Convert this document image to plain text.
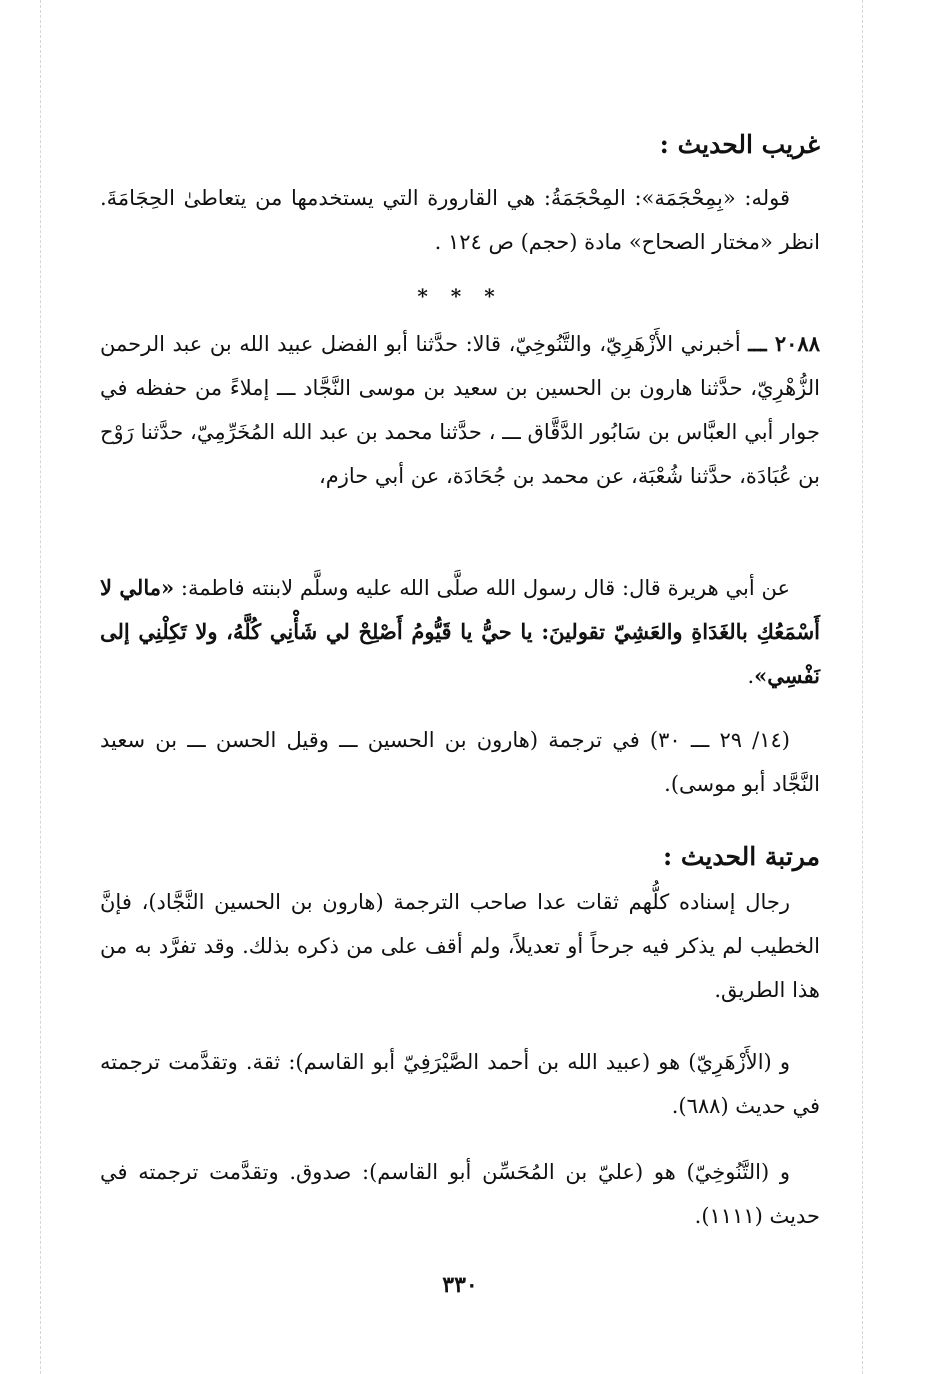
غريب الحديث :
قوله: «بِمِحْجَمَة»: المِحْجَمَةُ: هي القارورة التي يستخدمها من يتعاطىٰ الحِجَامَةَ. انظر «مختار الصحاح» مادة (حجم) ص ١٢٤ .
* * *
٢٠٨٨ ـــ أخبرني الأَزْهَرِيّ، والتَّنُوخِيّ، قالا: حدَّثنا أبو الفضل عبيد الله بن عبد الرحمن الزُّهْرِيّ، حدَّثنا هارون بن الحسين بن سعيد بن موسى النَّجَّاد ـــ إملاءً من حفظه في جوار أبي العبَّاس بن سَابُور الدَّقَّاق ـــ ، حدَّثنا محمد بن عبد الله المُخَرِّمِيّ، حدَّثنا رَوْح بن عُبَادَة، حدَّثنا شُعْبَة، عن محمد بن جُحَادَة، عن أبي حازم،
عن أبي هريرة قال: قال رسول الله صلَّى الله عليه وسلَّم لابنته فاطمة: «مالي لا أَسْمَعُكِ بالغَدَاةِ والعَشِيّ تقولينَ: يا حيُّ يا قَيُّومُ أَصْلِحْ لي شَأْنِي كُلَّهُ، ولا تَكِلْنِي إلى نَفْسِي».
(١٤/ ٢٩ ـــ ٣٠) في ترجمة (هارون بن الحسين ـــ وقيل الحسن ـــ بن سعيد النَّجَّاد أبو موسى).
مرتبة الحديث :
رجال إسناده كلُّهم ثقات عدا صاحب الترجمة (هارون بن الحسين النَّجَّاد)، فإنَّ الخطيب لم يذكر فيه جرحاً أو تعديلاً، ولم أقف على من ذكره بذلك. وقد تفرَّد به من هذا الطريق.
و (الأَزْهَرِيّ) هو (عبيد الله بن أحمد الصَّيْرَفِيّ أبو القاسم): ثقة. وتقدَّمت ترجمته في حديث (٦٨٨).
و (التَّنُوخِيّ) هو (عليّ بن المُحَسِّن أبو القاسم): صدوق. وتقدَّمت ترجمته في حديث (١١١١).
٣٣٠
